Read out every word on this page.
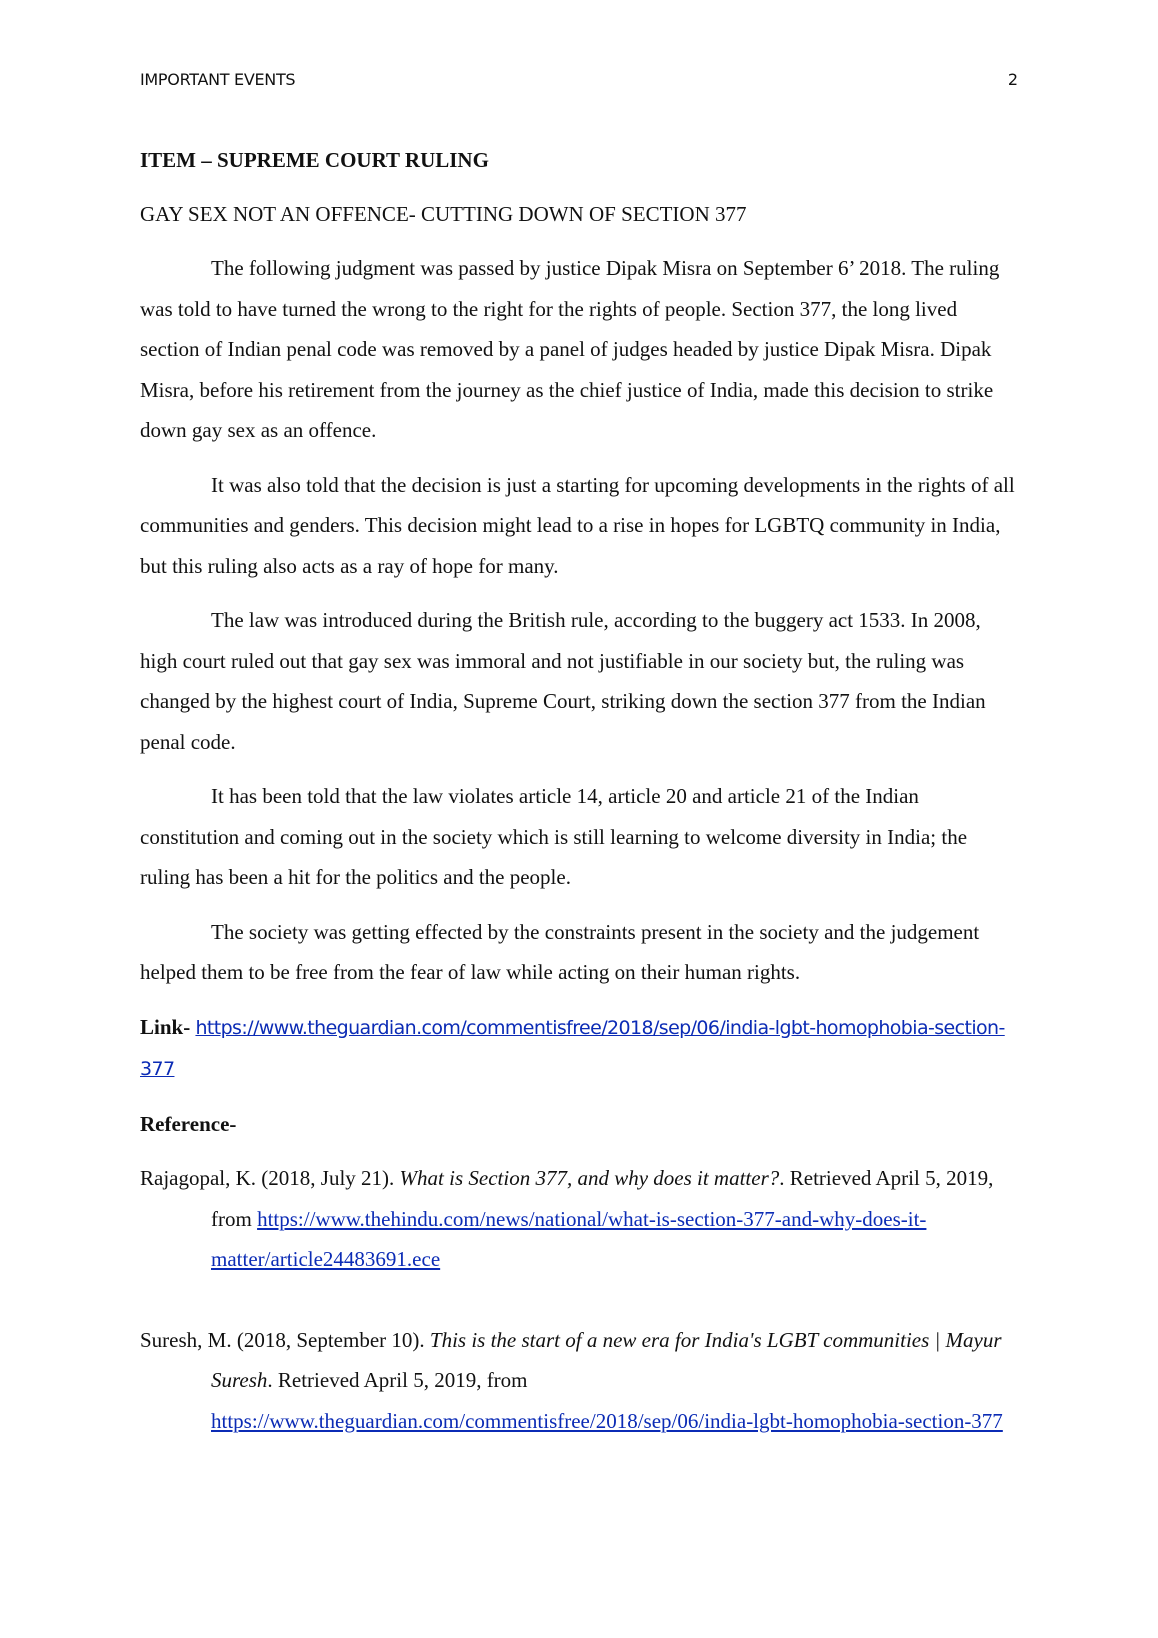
IMPORTANT EVENTS	2
ITEM – SUPREME COURT RULING
GAY SEX NOT AN OFFENCE- CUTTING DOWN OF SECTION 377

The following judgment was passed by justice Dipak Misra on September 6’ 2018. The ruling was told to have turned the wrong to the right for the rights of people. Section 377, the long lived section of Indian penal code was removed by a panel of judges headed by justice Dipak Misra. Dipak Misra, before his retirement from the journey as the chief justice of India, made this decision to strike down gay sex as an offence.

It was also told that the decision is just a starting for upcoming developments in the rights of all communities and genders. This decision might lead to a rise in hopes for LGBTQ community in India, but this ruling also acts as a ray of hope for many.

The law was introduced during the British rule, according to the buggery act 1533. In 2008, high court ruled out that gay sex was immoral and not justifiable in our society but, the ruling was changed by the highest court of India, Supreme Court, striking down the section 377 from the Indian penal code.

It has been told that the law violates article 14, article 20 and article 21 of the Indian constitution and coming out in the society which is still learning to welcome diversity in India; the ruling has been a hit for the politics and the people.

The society was getting effected by the constraints present in the society and the judgement helped them to be free from the fear of law while acting on their human rights.

Link- https://www.theguardian.com/commentisfree/2018/sep/06/india-lgbt-homophobia-section-377
Reference-
Rajagopal, K. (2018, July 21). What is Section 377, and why does it matter?. Retrieved April 5, 2019, from https://www.thehindu.com/news/national/what-is-section-377-and-why-does-it-matter/article24483691.ece
Suresh, M. (2018, September 10). This is the start of a new era for India's LGBT communities | Mayur Suresh. Retrieved April 5, 2019, from https://www.theguardian.com/commentisfree/2018/sep/06/india-lgbt-homophobia-section-377
